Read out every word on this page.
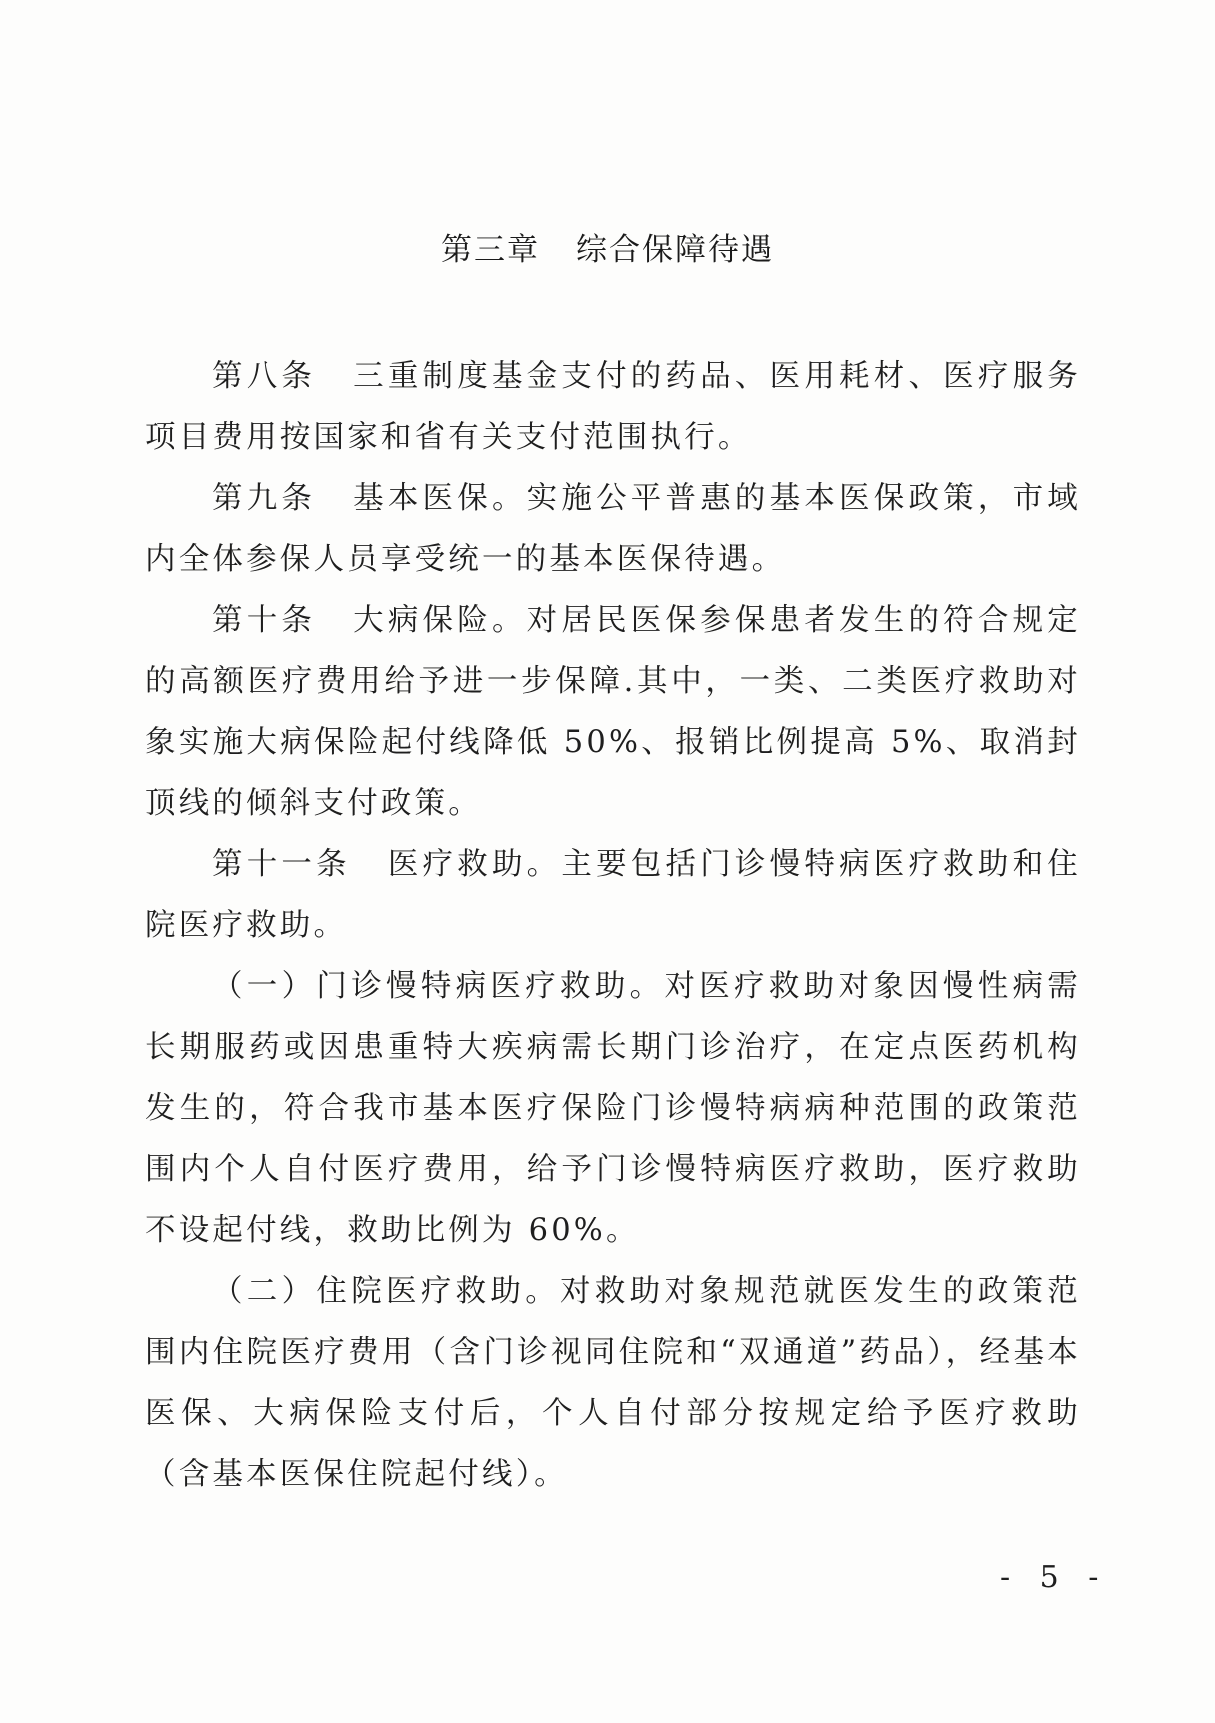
第三章 综合保障待遇

第八条 三重制度基金支付的药品、医用耗材、医疗服务项目费用按国家和省有关支付范围执行。

第九条 基本医保。实施公平普惠的基本医保政策，市域内全体参保人员享受统一的基本医保待遇。

第十条 大病保险。对居民医保参保患者发生的符合规定的高额医疗费用给予进一步保障.其中，一类、二类医疗救助对象实施大病保险起付线降低 50%、报销比例提高 5%、取消封顶线的倾斜支付政策。

第十一条 医疗救助。主要包括门诊慢特病医疗救助和住院医疗救助。

（一）门诊慢特病医疗救助。对医疗救助对象因慢性病需长期服药或因患重特大疾病需长期门诊治疗，在定点医药机构发生的，符合我市基本医疗保险门诊慢特病病种范围的政策范围内个人自付医疗费用，给予门诊慢特病医疗救助，医疗救助不设起付线，救助比例为 60%。

（二）住院医疗救助。对救助对象规范就医发生的政策范围内住院医疗费用（含门诊视同住院和“双通道”药品），经基本医保、大病保险支付后，个人自付部分按规定给予医疗救助（含基本医保住院起付线）。

- 5 -
